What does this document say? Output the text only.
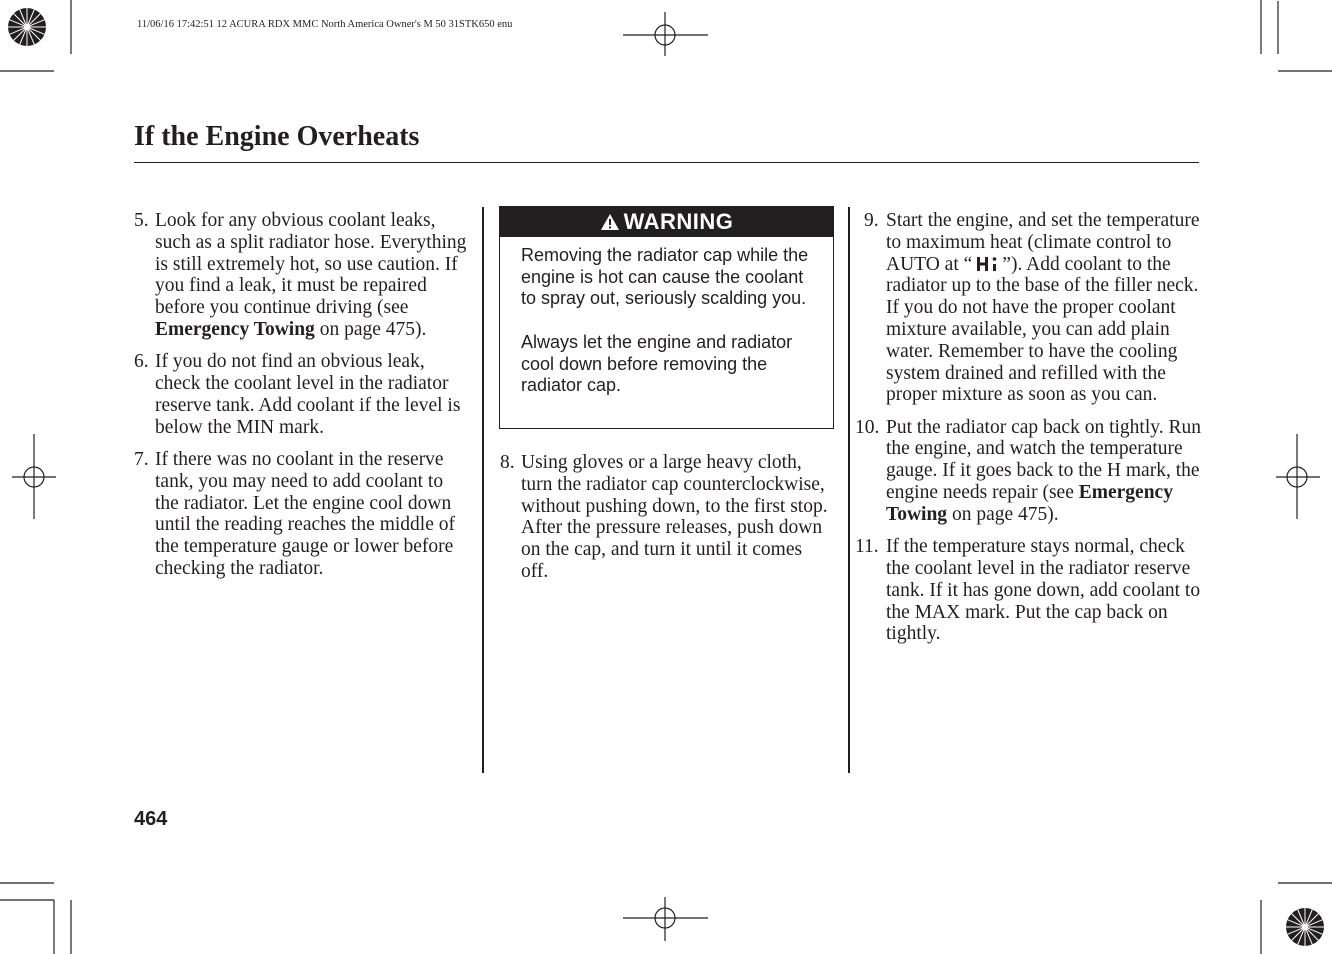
11/06/16 17:42:51 12 ACURA RDX MMC North America Owner's M 50 31STK650 enu
If the Engine Overheats
5. Look for any obvious coolant leaks, such as a split radiator hose. Everything is still extremely hot, so use caution. If you find a leak, it must be repaired before you continue driving (see Emergency Towing on page 475).
6. If you do not find an obvious leak, check the coolant level in the radiator reserve tank. Add coolant if the level is below the MIN mark.
7. If there was no coolant in the reserve tank, you may need to add coolant to the radiator. Let the engine cool down until the reading reaches the middle of the temperature gauge or lower before checking the radiator.
WARNING

Removing the radiator cap while the engine is hot can cause the coolant to spray out, seriously scalding you.

Always let the engine and radiator cool down before removing the radiator cap.

8. Using gloves or a large heavy cloth, turn the radiator cap counterclockwise, without pushing down, to the first stop. After the pressure releases, push down on the cap, and turn it until it comes off.
9. Start the engine, and set the temperature to maximum heat (climate control to AUTO at “ ”). Add coolant to the radiator up to the base of the filler neck. If you do not have the proper coolant mixture available, you can add plain water. Remember to have the cooling system drained and refilled with the proper mixture as soon as you can.
10. Put the radiator cap back on tightly. Run the engine, and watch the temperature gauge. If it goes back to the H mark, the engine needs repair (see Emergency Towing on page 475).
11. If the temperature stays normal, check the coolant level in the radiator reserve tank. If it has gone down, add coolant to the MAX mark. Put the cap back on tightly.
464
